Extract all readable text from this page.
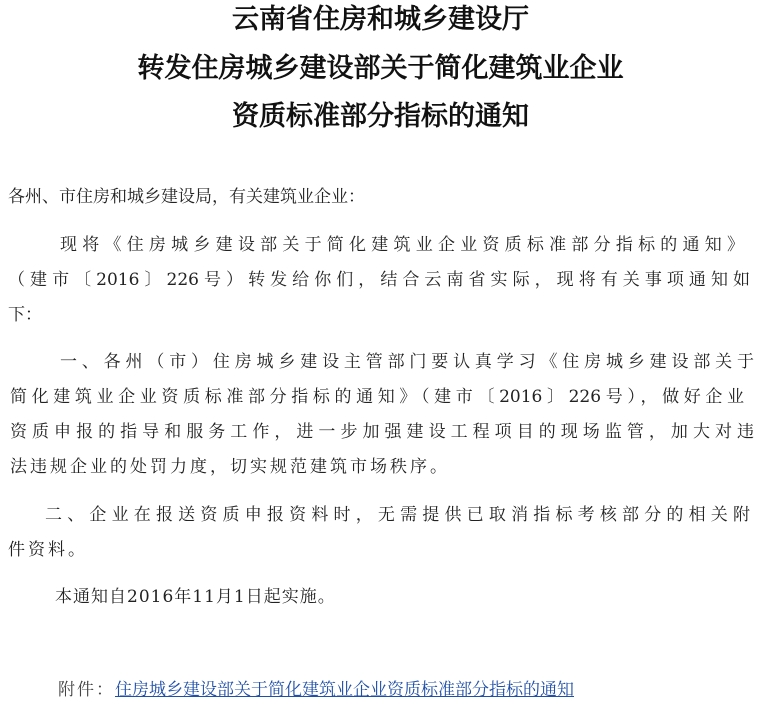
云南省住房和城乡建设厅
转发住房城乡建设部关于简化建筑业企业
资质标准部分指标的通知
各州、市住房和城乡建设局，有关建筑业企业：
现将《住房城乡建设部关于简化建筑业企业资质标准部分指标的通知》
（建市〔2016〕226号）转发给你们，结合云南省实际，现将有关事项通知如
下：
一、各州（市）住房城乡建设主管部门要认真学习《住房城乡建设部关于
简化建筑业企业资质标准部分指标的通知》（建市〔2016〕226号），做好企业
资质申报的指导和服务工作，进一步加强建设工程项目的现场监管，加大对违
法违规企业的处罚力度，切实规范建筑市场秩序。
二、企业在报送资质申报资料时，无需提供已取消指标考核部分的相关附
件资料。
本通知自2016年11月1日起实施。
附件：住房城乡建设部关于简化建筑业企业资质标准部分指标的通知
